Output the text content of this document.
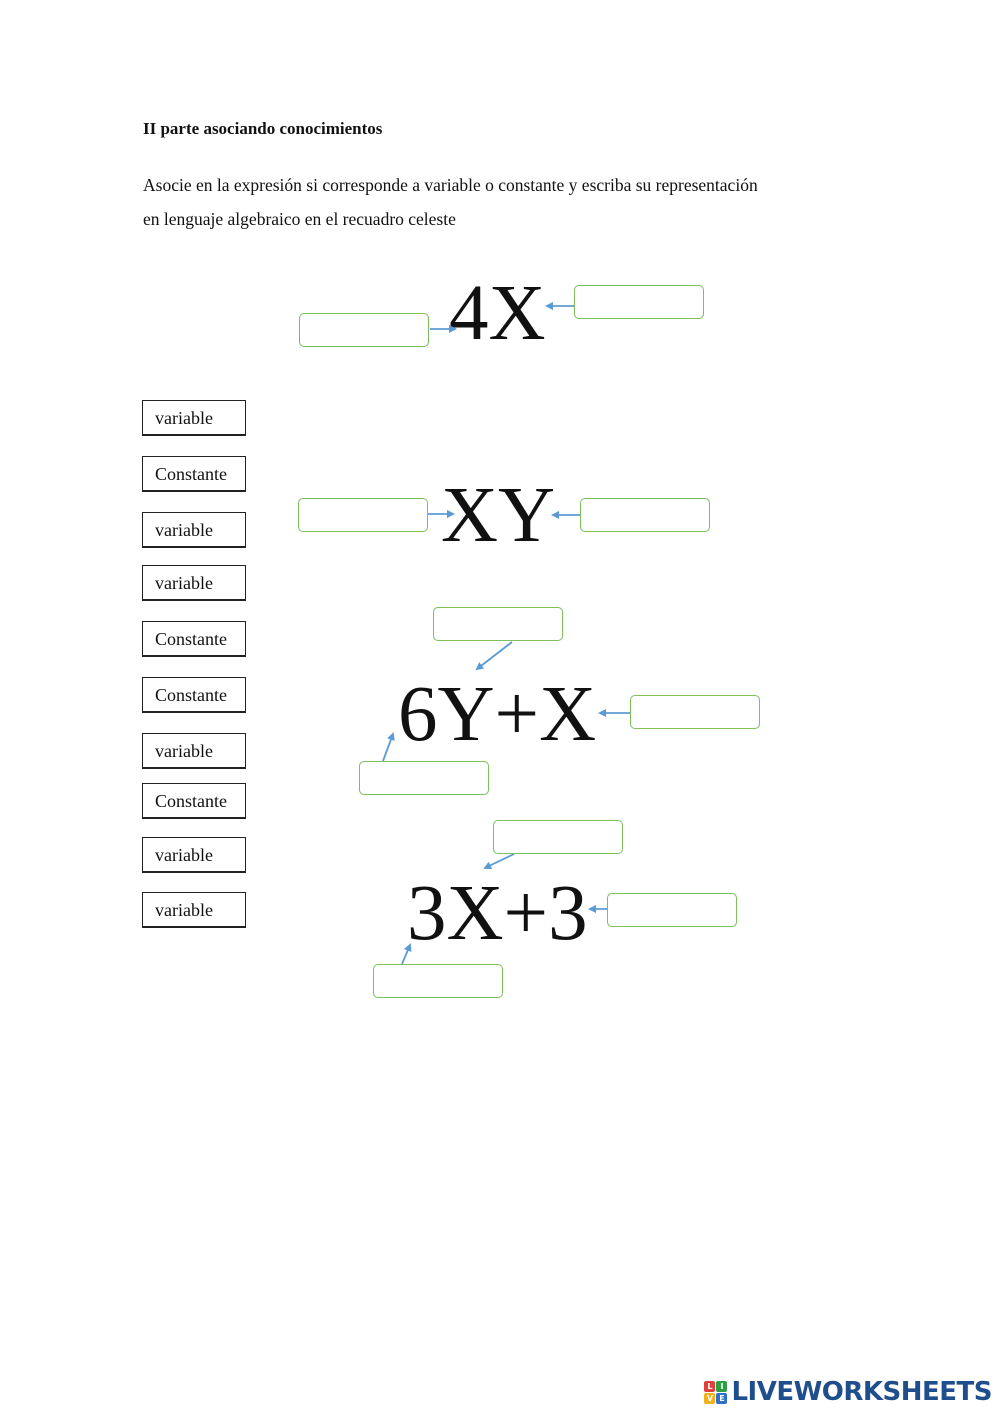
II parte asociando conocimientos

Asocie en la expresión si corresponde a variable o constante y escriba su representación
en lenguaje algebraico en el recuadro celeste

variable
Constante
variable
variable
Constante
Constante
variable
Constante
variable
variable
4X
XY
6Y+X
3X+3
L I
V E LIVEWORKSHEETS
